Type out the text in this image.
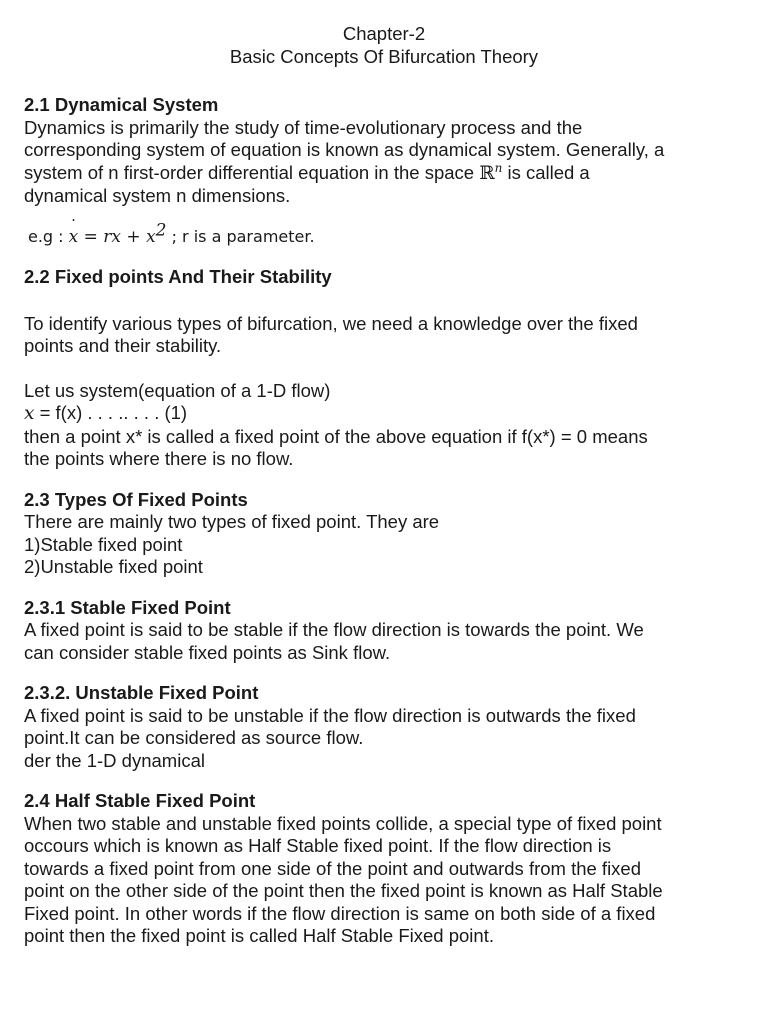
Chapter-2
Basic Concepts Of Bifurcation Theory
2.1 Dynamical System
Dynamics is primarily the study of time-evolutionary process and the
corresponding system of equation is known as dynamical system. Generally, a
system of n first-order differential equation in the space ℝ$^n$ is called a
dynamical system n dimensions.
e.g : ˙ x = rx + $x^2$ ; r is a parameter.
2.2 Fixed points And Their Stability
To identify various types of bifurcation, we need a knowledge over the fixed
points and their stability.
Let us system(equation of a 1-D flow)
˙ x = f(x) . . . .. . . . (1)
then a point x* is called a fixed point of the above equation if f(x*) = 0 means
the points where there is no flow.
2.3 Types Of Fixed Points
There are mainly two types of fixed point. They are
1)Stable fixed point
2)Unstable fixed point
2.3.1 Stable Fixed Point
A fixed point is said to be stable if the flow direction is towards the point. We
can consider stable fixed points as Sink flow.
2.3.2. Unstable Fixed Point
A fixed point is said to be unstable if the flow direction is outwards the fixed
point.It can be considered as source flow.
der the 1-D dynamical
2.4 Half Stable Fixed Point
When two stable and unstable fixed points collide, a special type of fixed point
occours which is known as Half Stable fixed point. If the flow direction is
towards a fixed point from one side of the point and outwards from the fixed
point on the other side of the point then the fixed point is known as Half Stable
Fixed point. In other words if the flow direction is same on both side of a fixed
point then the fixed point is called Half Stable Fixed point.
